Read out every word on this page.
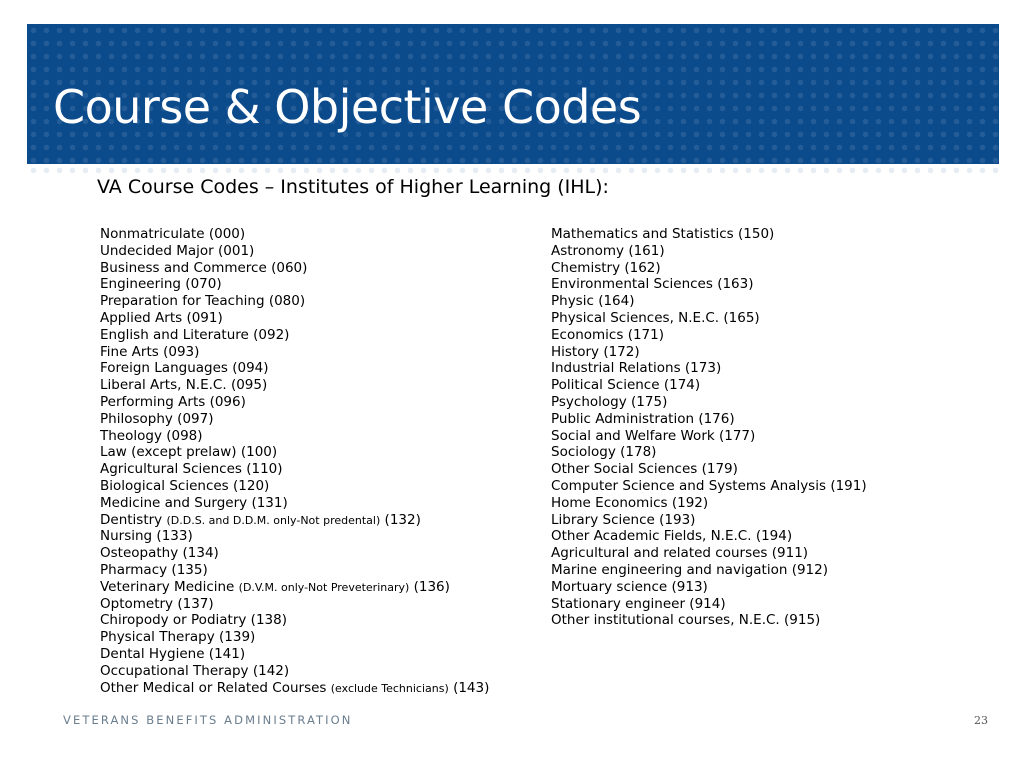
Course & Objective Codes
VA Course Codes – Institutes of Higher Learning (IHL):
Nonmatriculate (000)
Undecided Major (001)
Business and Commerce (060)
Engineering (070)
Preparation for Teaching (080)
Applied Arts (091)
English and Literature (092)
Fine Arts (093)
Foreign Languages (094)
Liberal Arts, N.E.C. (095)
Performing Arts (096)
Philosophy (097)
Theology (098)
Law (except prelaw) (100)
Agricultural Sciences (110)
Biological Sciences (120)
Medicine and Surgery (131)
Dentistry (D.D.S. and D.D.M. only-Not predental) (132)
Nursing (133)
Osteopathy (134)
Pharmacy (135)
Veterinary Medicine (D.V.M. only-Not Preveterinary) (136)
Optometry (137)
Chiropody or Podiatry (138)
Physical Therapy (139)
Dental Hygiene (141)
Occupational Therapy (142)
Other Medical or Related Courses (exclude Technicians) (143)
Mathematics and Statistics (150)
Astronomy (161)
Chemistry (162)
Environmental Sciences (163)
Physic (164)
Physical Sciences, N.E.C. (165)
Economics (171)
History (172)
Industrial Relations (173)
Political Science (174)
Psychology (175)
Public Administration (176)
Social and Welfare Work (177)
Sociology (178)
Other Social Sciences (179)
Computer Science and Systems Analysis (191)
Home Economics (192)
Library Science (193)
Other Academic Fields, N.E.C. (194)
Agricultural and related courses (911)
Marine engineering and navigation (912)
Mortuary science (913)
Stationary engineer (914)
Other institutional courses, N.E.C. (915)

VETERANS BENEFITS ADMINISTRATION	23
